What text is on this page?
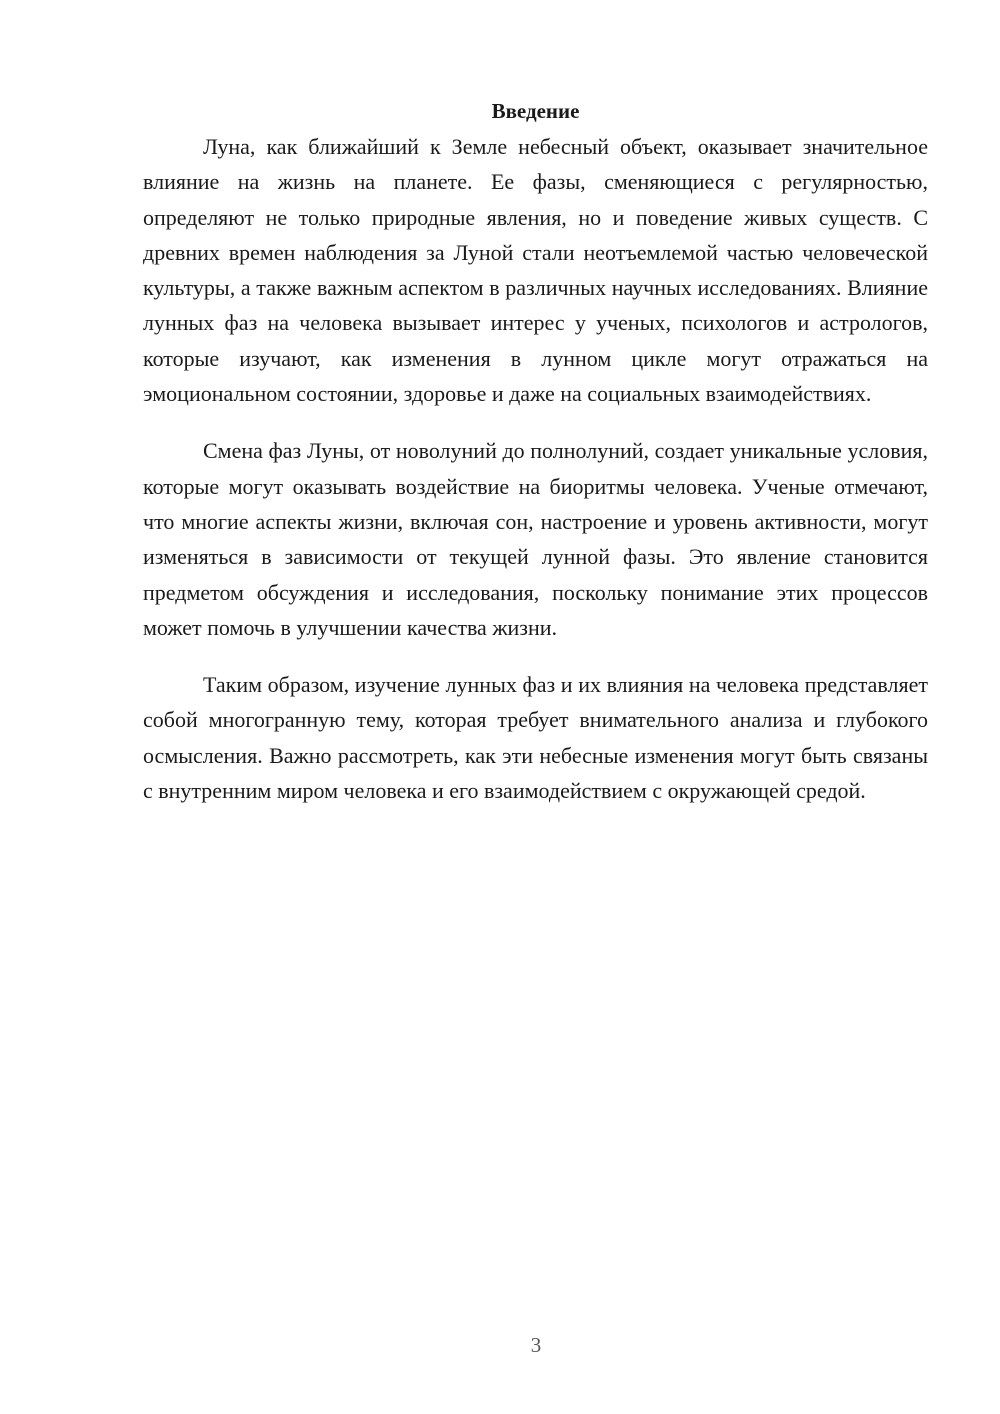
Введение

Луна, как ближайший к Земле небесный объект, оказывает значительное влияние на жизнь на планете. Ее фазы, сменяющиеся с регулярностью, определяют не только природные явления, но и поведение живых существ. С древних времен наблюдения за Луной стали неотъемлемой частью человеческой культуры, а также важным аспектом в различных научных исследованиях. Влияние лунных фаз на человека вызывает интерес у ученых, психологов и астрологов, которые изучают, как изменения в лунном цикле могут отражаться на эмоциональном состоянии, здоровье и даже на социальных взаимодействиях.

Смена фаз Луны, от новолуний до полнолуний, создает уникальные условия, которые могут оказывать воздействие на биоритмы человека. Ученые отмечают, что многие аспекты жизни, включая сон, настроение и уровень активности, могут изменяться в зависимости от текущей лунной фазы. Это явление становится предметом обсуждения и исследования, поскольку понимание этих процессов может помочь в улучшении качества жизни.

Таким образом, изучение лунных фаз и их влияния на человека представляет собой многогранную тему, которая требует внимательного анализа и глубокого осмысления. Важно рассмотреть, как эти небесные изменения могут быть связаны с внутренним миром человека и его взаимодействием с окружающей средой.

3
